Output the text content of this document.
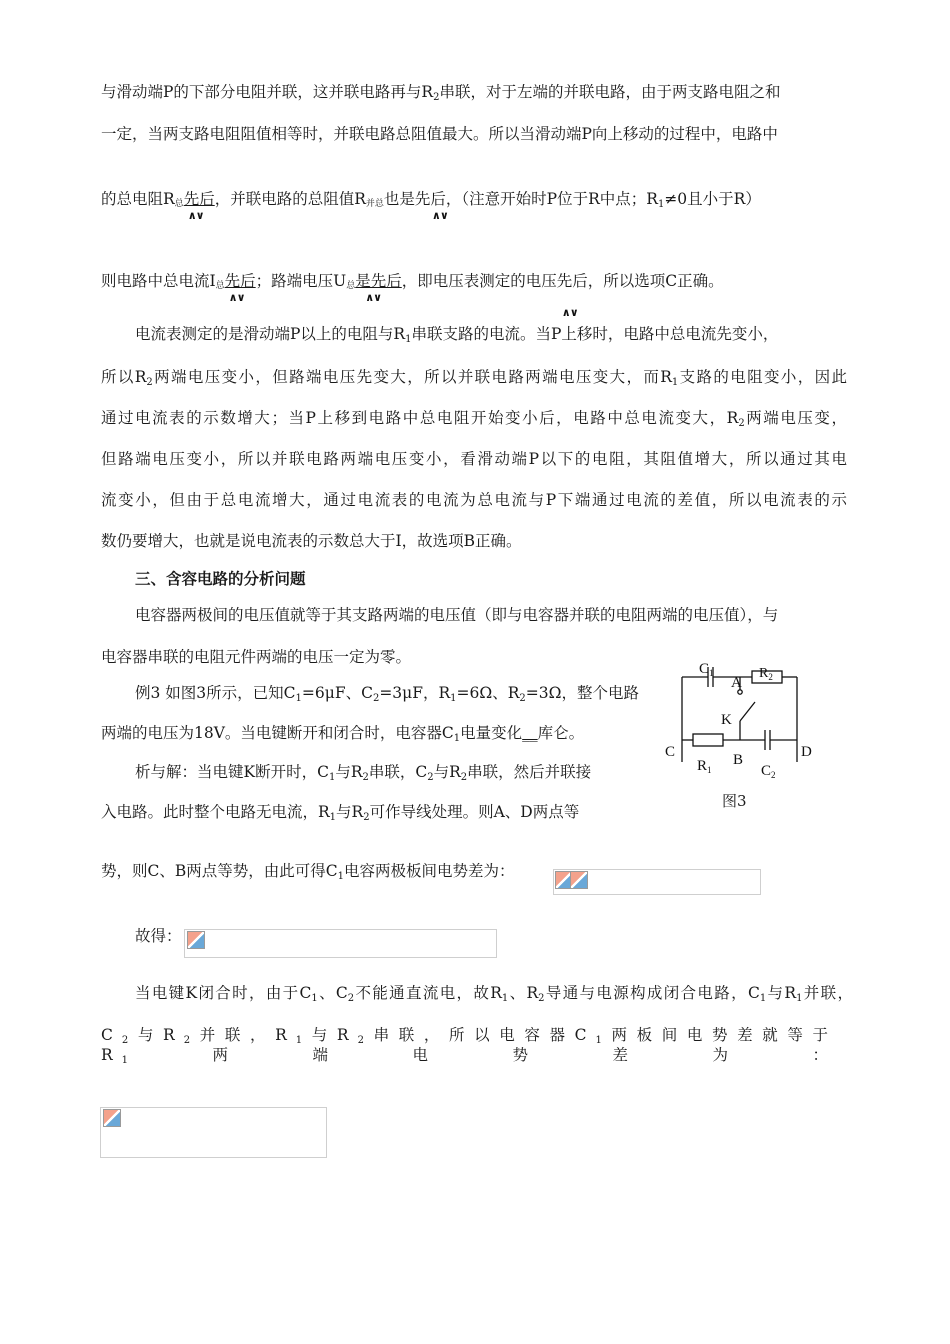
与滑动端P的下部分电阻并联，这并联电路再与$R_2$串联，对于左端的并联电路，由于两支路电阻之和
一定，当两支路电阻阻值相等时，并联电路总阻值最大。所以当滑动端P向上移动的过程中，电路中
的总电阻R总先后
∧∨
，并联电路的总阻值R并总也是先后
∧∨
，（注意开始时P位于R中点；$R_1\ne 0$且小于R）
则电路中总电流I总先后
∧∨
；路端电压U总是先后
∧∨
，即电压表测定的电压先后
∧∨
，所以选项C正确。
电流表测定的是滑动端P以上的电阻与$R_1$串联支路的电流。当P上移时，电路中总电流先变小，
所以$R_2$两端电压变小，但路端电压先变大，所以并联电路两端电压变大，而$R_1$支路的电阻变小，因此
通过电流表的示数增大；当P上移到电路中总电阻开始变小后，电路中总电流变大，$R_2$两端电压变，
但路端电压变小，所以并联电路两端电压变小，看滑动端P以下的电阻，其阻值增大，所以通过其电
流变小，但由于总电流增大，通过电流表的电流为总电流与P下端通过电流的差值，所以电流表的示
数仍要增大，也就是说电流表的示数总大于I，故选项B正确。
三、含容电路的分析问题
电容器两极间的电压值就等于其支路两端的电压值（即与电容器并联的电阻两端的电压值），与
电容器串联的电阻元件两端的电压一定为零。
例3 如图3所示，已知$C_1=6\mu F$、$C_2=3\mu F$，$R_1=6\Omega$、$R_2=3\Omega$，整个电路
两端的电压为18V。当电键断开和闭合时，电容器$C_1$电量变化__库仑。
析与解：当电键K断开时，$C_1$与$R_2$串联，$C_2$与$R_2$串联，然后并联接
入电路。此时整个电路无电流，$R_1$与$R_2$可作导线处理。则A、D两点等
势，则C、B两点等势，由此可得$C_1$电容两极板间电势差为：
故得：
当电键K闭合时，由于$C_1$、$C_2$不能通直流电，故$R_1$、$R_2$导通与电源构成闭合电路，$C_1$与$R_1$并联，
$C_2$与$R_2$并联，$R_1$与$R_2$串联，所以电容器$C_1$两板间电势差就等于$R_1$两端电势差为：
$C_1$
A
$R_2$
K
C	D
$R_1$
B
$C_2$
图3
